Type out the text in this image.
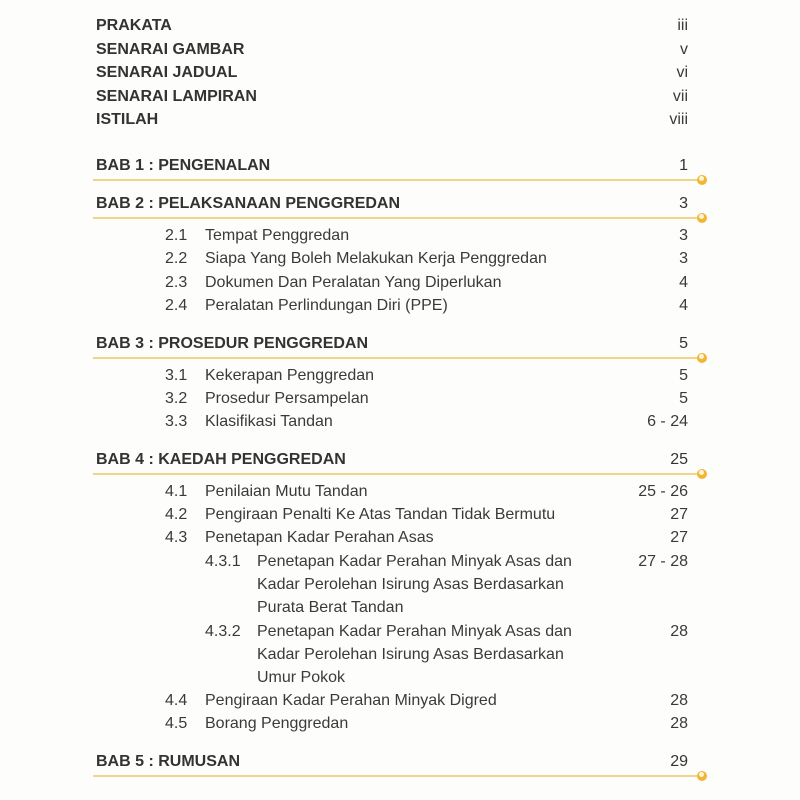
PRAKATA	iii
SENARAI GAMBAR	v
SENARAI JADUAL	vi
SENARAI LAMPIRAN	vii
ISTILAH	viii
BAB 1 : PENGENALAN	1
BAB 2 : PELAKSANAAN PENGGREDAN	3
2.1 Tempat Penggredan	3
2.2 Siapa Yang Boleh Melakukan Kerja Penggredan	3
2.3 Dokumen Dan Peralatan Yang Diperlukan	4
2.4 Peralatan Perlindungan Diri (PPE)	4
BAB 3 : PROSEDUR PENGGREDAN	5
3.1 Kekerapan Penggredan	5
3.2 Prosedur Persampelan	5
3.3 Klasifikasi Tandan	6 - 24
BAB 4 : KAEDAH PENGGREDAN	25
4.1 Penilaian Mutu Tandan	25 - 26
4.2 Pengiraan Penalti Ke Atas Tandan Tidak Bermutu	27
4.3 Penetapan Kadar Perahan Asas	27
4.3.1 Penetapan Kadar Perahan Minyak Asas dan	27 - 28
Kadar Perolehan Isirung Asas Berdasarkan
Purata Berat Tandan
4.3.2 Penetapan Kadar Perahan Minyak Asas dan	28
Kadar Perolehan Isirung Asas Berdasarkan
Umur Pokok
4.4 Pengiraan Kadar Perahan Minyak Digred	28
4.5 Borang Penggredan	28
BAB 5 : RUMUSAN	29
